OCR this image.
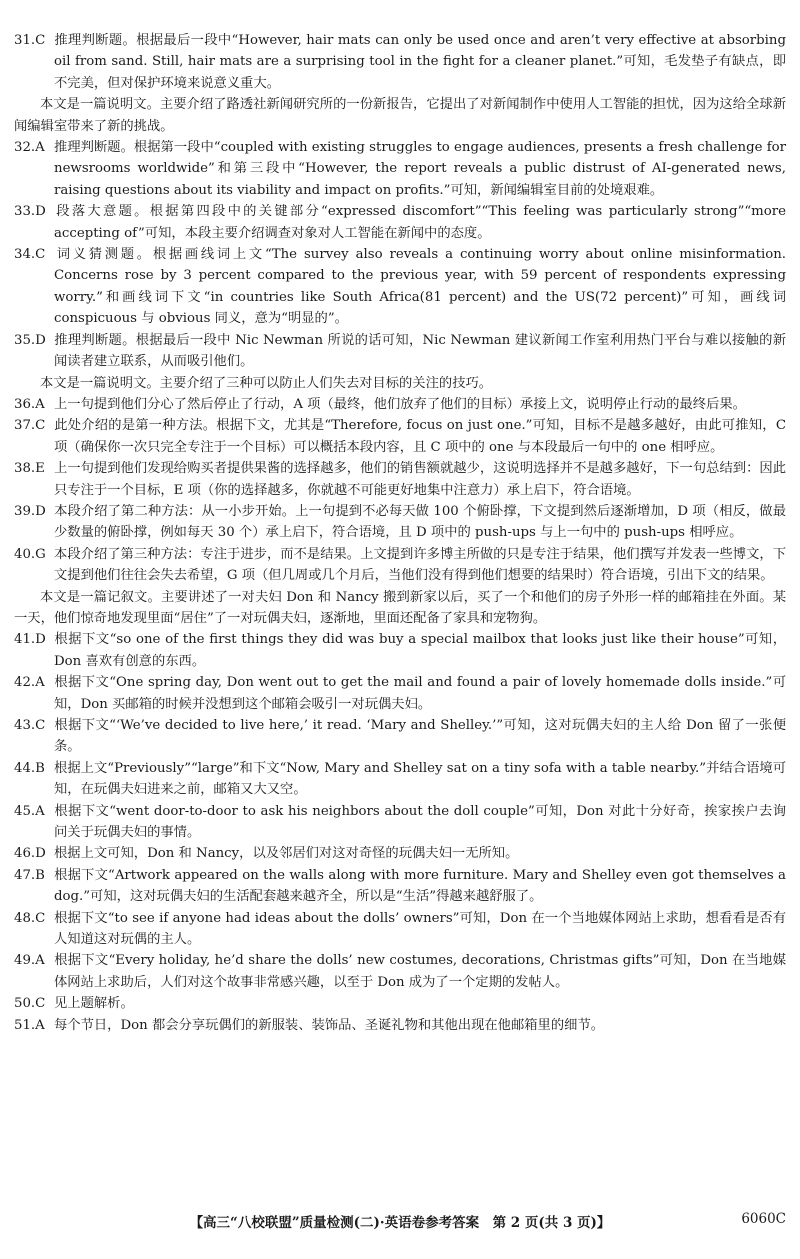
31.C 推理判断题。根据最后一段中“However, hair mats can only be used once and aren’t very effective at absorbing oil from sand. Still, hair mats are a surprising tool in the fight for a cleaner planet.”可知，毛发垫子有缺点，即不完美，但对保护环境来说意义重大。

本文是一篇说明文。主要介绍了路透社新闻研究所的一份新报告，它提出了对新闻制作中使用人工智能的担忧，因为这给全球新闻编辑室带来了新的挑战。

32.A 推理判断题。根据第一段中“coupled with existing struggles to engage audiences, presents a fresh challenge for newsrooms worldwide”和第三段中“However, the report reveals a public distrust of AI-generated news, raising questions about its viability and impact on profits.”可知，新闻编辑室目前的处境艰难。

33.D 段落大意题。根据第四段中的关键部分“expressed discomfort”“This feeling was particularly strong”“more accepting of”可知，本段主要介绍调查对象对人工智能在新闻中的态度。

34.C 词义猜测题。根据画线词上文“The survey also reveals a continuing worry about online misinformation. Concerns rose by 3 percent compared to the previous year, with 59 percent of respondents expressing worry.”和画线词下文“in countries like South Africa(81 percent) and the US(72 percent)”可知，画线词 conspicuous 与 obvious 同义，意为“明显的”。

35.D 推理判断题。根据最后一段中 Nic Newman 所说的话可知，Nic Newman 建议新闻工作室利用热门平台与难以接触的新闻读者建立联系，从而吸引他们。

本文是一篇说明文。主要介绍了三种可以防止人们失去对目标的关注的技巧。

36.A 上一句提到他们分心了然后停止了行动，A 项（最终，他们放弃了他们的目标）承接上文，说明停止行动的最终后果。

37.C 此处介绍的是第一种方法。根据下文，尤其是“Therefore, focus on just one.”可知，目标不是越多越好，由此可推知，C 项（确保你一次只完全专注于一个目标）可以概括本段内容，且 C 项中的 one 与本段最后一句中的 one 相呼应。

38.E 上一句提到他们发现给购买者提供果酱的选择越多，他们的销售额就越少，这说明选择并不是越多越好，下一句总结到：因此只专注于一个目标，E 项（你的选择越多，你就越不可能更好地集中注意力）承上启下，符合语境。

39.D 本段介绍了第二种方法：从一小步开始。上一句提到不必每天做 100 个俯卧撑，下文提到然后逐渐增加，D 项（相反，做最少数量的俯卧撑，例如每天 30 个）承上启下，符合语境，且 D 项中的 push-ups 与上一句中的 push-ups 相呼应。

40.G 本段介绍了第三种方法：专注于进步，而不是结果。上文提到许多博主所做的只是专注于结果，他们撰写并发表一些博文，下文提到他们往往会失去希望，G 项（但几周或几个月后，当他们没有得到他们想要的结果时）符合语境，引出下文的结果。

本文是一篇记叙文。主要讲述了一对夫妇 Don 和 Nancy 搬到新家以后，买了一个和他们的房子外形一样的邮箱挂在外面。某一天，他们惊奇地发现里面“居住”了一对玩偶夫妇，逐渐地，里面还配备了家具和宠物狗。

41.D 根据下文“so one of the first things they did was buy a special mailbox that looks just like their house”可知，Don 喜欢有创意的东西。

42.A 根据下文“One spring day, Don went out to get the mail and found a pair of lovely homemade dolls inside.”可知，Don 买邮箱的时候并没想到这个邮箱会吸引一对玩偶夫妇。

43.C 根据下文“‘We’ve decided to live here,’ it read. ‘Mary and Shelley.’”可知，这对玩偶夫妇的主人给 Don 留了一张便条。

44.B 根据上文“Previously”“large”和下文“Now, Mary and Shelley sat on a tiny sofa with a table nearby.”并结合语境可知，在玩偶夫妇进来之前，邮箱又大又空。

45.A 根据下文“went door-to-door to ask his neighbors about the doll couple”可知，Don 对此十分好奇，挨家挨户去询问关于玩偶夫妇的事情。

46.D 根据上文可知，Don 和 Nancy，以及邻居们对这对奇怪的玩偶夫妇一无所知。

47.B 根据下文“Artwork appeared on the walls along with more furniture. Mary and Shelley even got themselves a dog.”可知，这对玩偶夫妇的生活配套越来越齐全，所以是“生活”得越来越舒服了。

48.C 根据下文“to see if anyone had ideas about the dolls’ owners”可知，Don 在一个当地媒体网站上求助，想看看是否有人知道这对玩偶的主人。

49.A 根据下文“Every holiday, he’d share the dolls’ new costumes, decorations, Christmas gifts”可知，Don 在当地媒体网站上求助后，人们对这个故事非常感兴趣，以至于 Don 成为了一个定期的发帖人。

50.C 见上题解析。

51.A 每个节日，Don 都会分享玩偶们的新服装、装饰品、圣诞礼物和其他出现在他邮箱里的细节。

【高三“八校联盟”质量检测(二)·英语卷参考答案　第 2 页(共 3 页)】	6060C
